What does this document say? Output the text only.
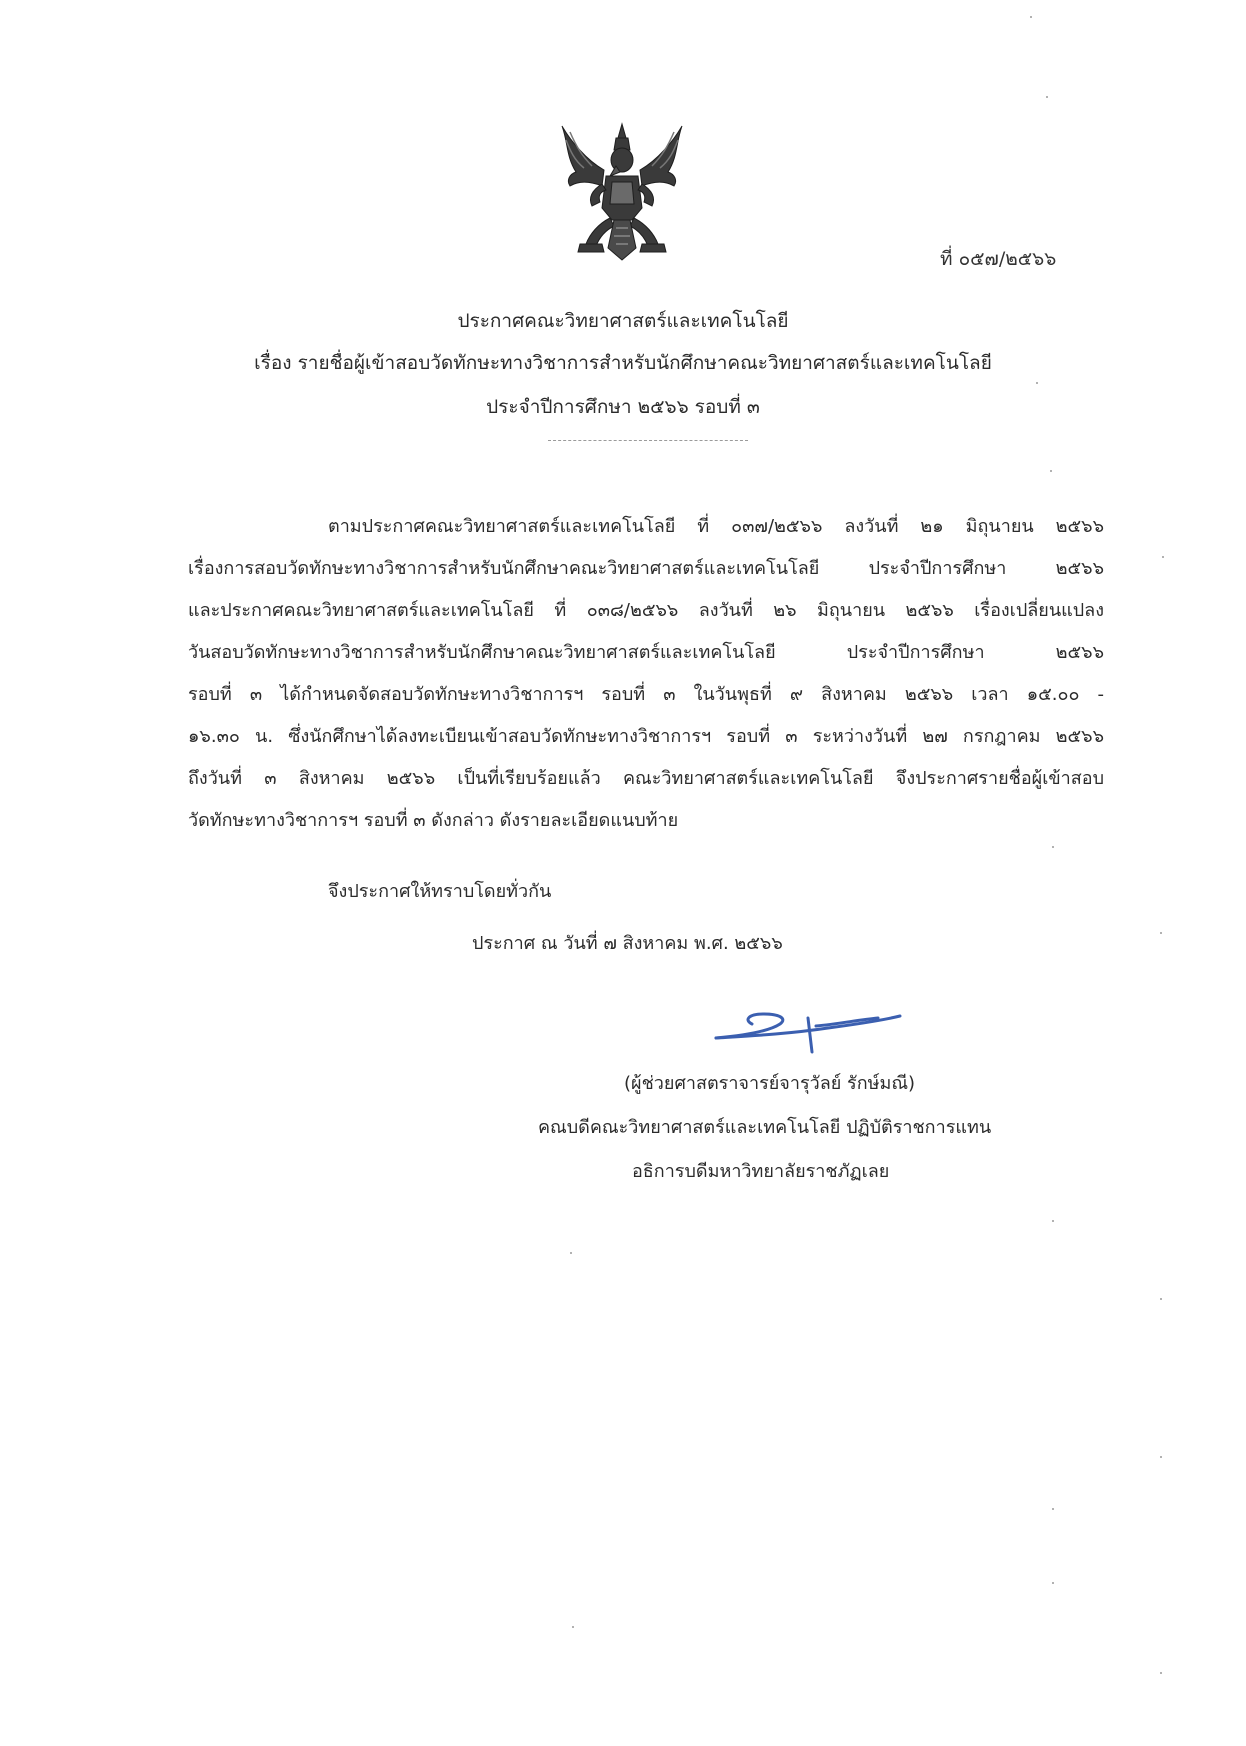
ที่ ๐๕๗/๒๕๖๖
ประกาศคณะวิทยาศาสตร์และเทคโนโลยี
เรื่อง รายชื่อผู้เข้าสอบวัดทักษะทางวิชาการสำหรับนักศึกษาคณะวิทยาศาสตร์และเทคโนโลยี
ประจำปีการศึกษา ๒๕๖๖ รอบที่ ๓
ตามประกาศคณะวิทยาศาสตร์และเทคโนโลยี ที่ ๐๓๗/๒๕๖๖ ลงวันที่ ๒๑ มิถุนายน ๒๕๖๖
เรื่องการสอบวัดทักษะทางวิชาการสำหรับนักศึกษาคณะวิทยาศาสตร์และเทคโนโลยี ประจำปีการศึกษา ๒๕๖๖
และประกาศคณะวิทยาศาสตร์และเทคโนโลยี ที่ ๐๓๘/๒๕๖๖ ลงวันที่ ๒๖ มิถุนายน ๒๕๖๖ เรื่องเปลี่ยนแปลง
วันสอบวัดทักษะทางวิชาการสำหรับนักศึกษาคณะวิทยาศาสตร์และเทคโนโลยี ประจำปีการศึกษา ๒๕๖๖
รอบที่ ๓ ได้กำหนดจัดสอบวัดทักษะทางวิชาการฯ รอบที่ ๓ ในวันพุธที่ ๙ สิงหาคม ๒๕๖๖ เวลา ๑๕.๐๐ -
๑๖.๓๐ น. ซึ่งนักศึกษาได้ลงทะเบียนเข้าสอบวัดทักษะทางวิชาการฯ รอบที่ ๓ ระหว่างวันที่ ๒๗ กรกฎาคม ๒๕๖๖
ถึงวันที่ ๓ สิงหาคม ๒๕๖๖ เป็นที่เรียบร้อยแล้ว คณะวิทยาศาสตร์และเทคโนโลยี จึงประกาศรายชื่อผู้เข้าสอบ
วัดทักษะทางวิชาการฯ รอบที่ ๓ ดังกล่าว ดังรายละเอียดแนบท้าย
จึงประกาศให้ทราบโดยทั่วกัน
ประกาศ ณ วันที่ ๗ สิงหาคม พ.ศ. ๒๕๖๖
(ผู้ช่วยศาสตราจารย์จารุวัลย์ รักษ์มณี)
คณบดีคณะวิทยาศาสตร์และเทคโนโลยี ปฏิบัติราชการแทน
อธิการบดีมหาวิทยาลัยราชภัฏเลย
